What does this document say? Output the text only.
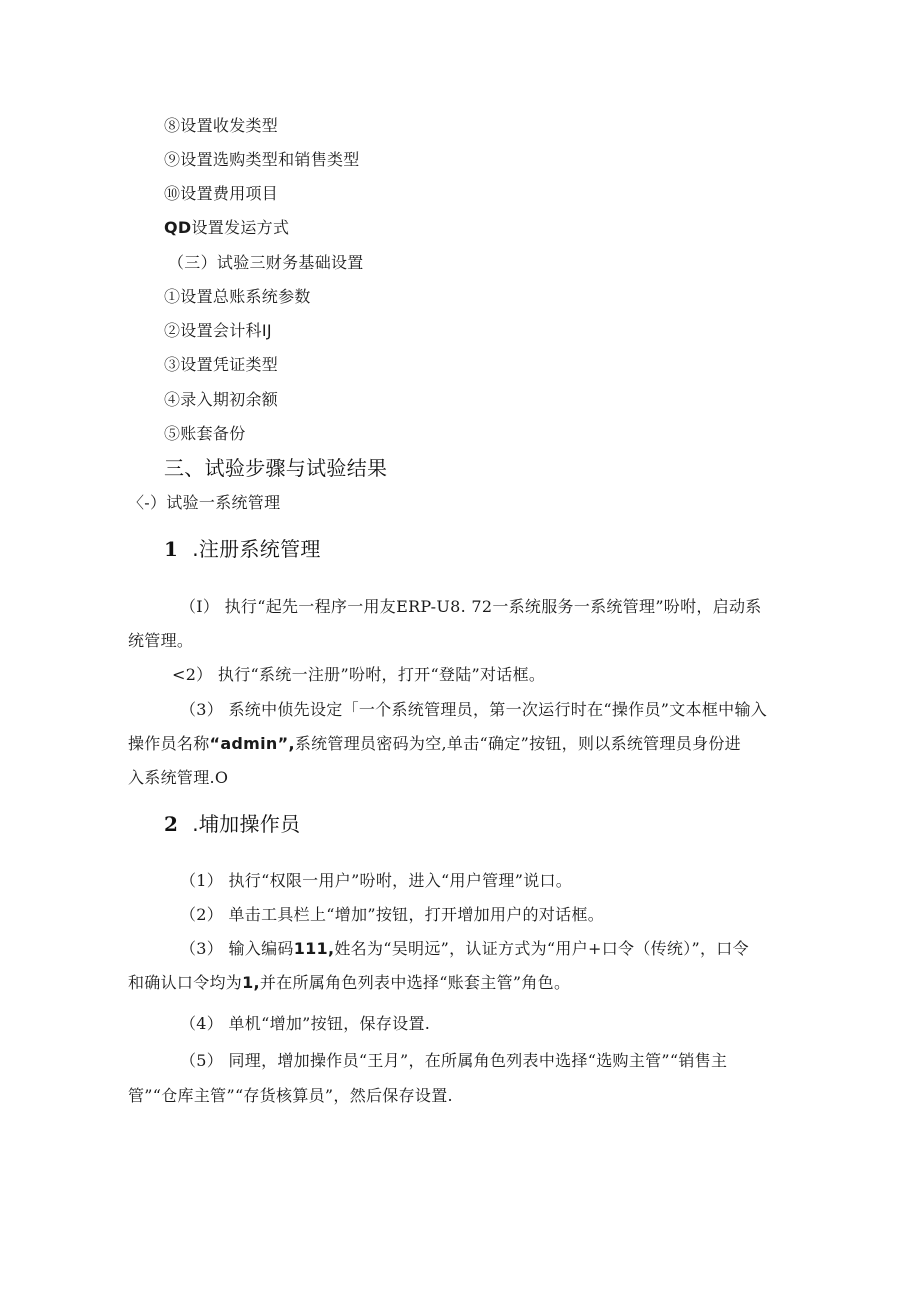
⑧设置收发类型
⑨设置选购类型和销售类型
⑩设置费用项目
QD设置发运方式
（三）试验三财务基础设置
①设置总账系统参数
②设置会计科IJ
③设置凭证类型
④录入期初余额
⑤账套备份
三、试验步骤与试验结果
〈-）试验一系统管理
1 .注册系统管理
（I） 执行“起先一程序一用友ERP-U8. 72一系统服务一系统管理”吩咐，启动系
统管理。
<2） 执行“系统一注册”吩咐，打开“登陆”对话框。
（3） 系统中侦先设定「一个系统管理员，第一次运行时在“操作员”文本框中输入
操作员名称“admin”,系统管理员密码为空,单击“确定”按钮，则以系统管理员身份进
入系统管理.O
2 .埔加操作员
（1） 执行“权限一用户”吩咐，进入“用户管理”说口。
（2） 单击工具栏上“增加”按钮，打开增加用户的对话框。
（3） 输入编码111,姓名为“吴明远”，认证方式为“用户+口令（传统）”，口令
和确认口令均为1,并在所属角色列表中选择“账套主管”角色。
（4） 单机“增加”按钮，保存设置.
（5） 同理，增加操作员“王月”，在所属角色列表中选择“选购主管”“销售主
管”“仓库主管”“存货核算员”，然后保存设置.
